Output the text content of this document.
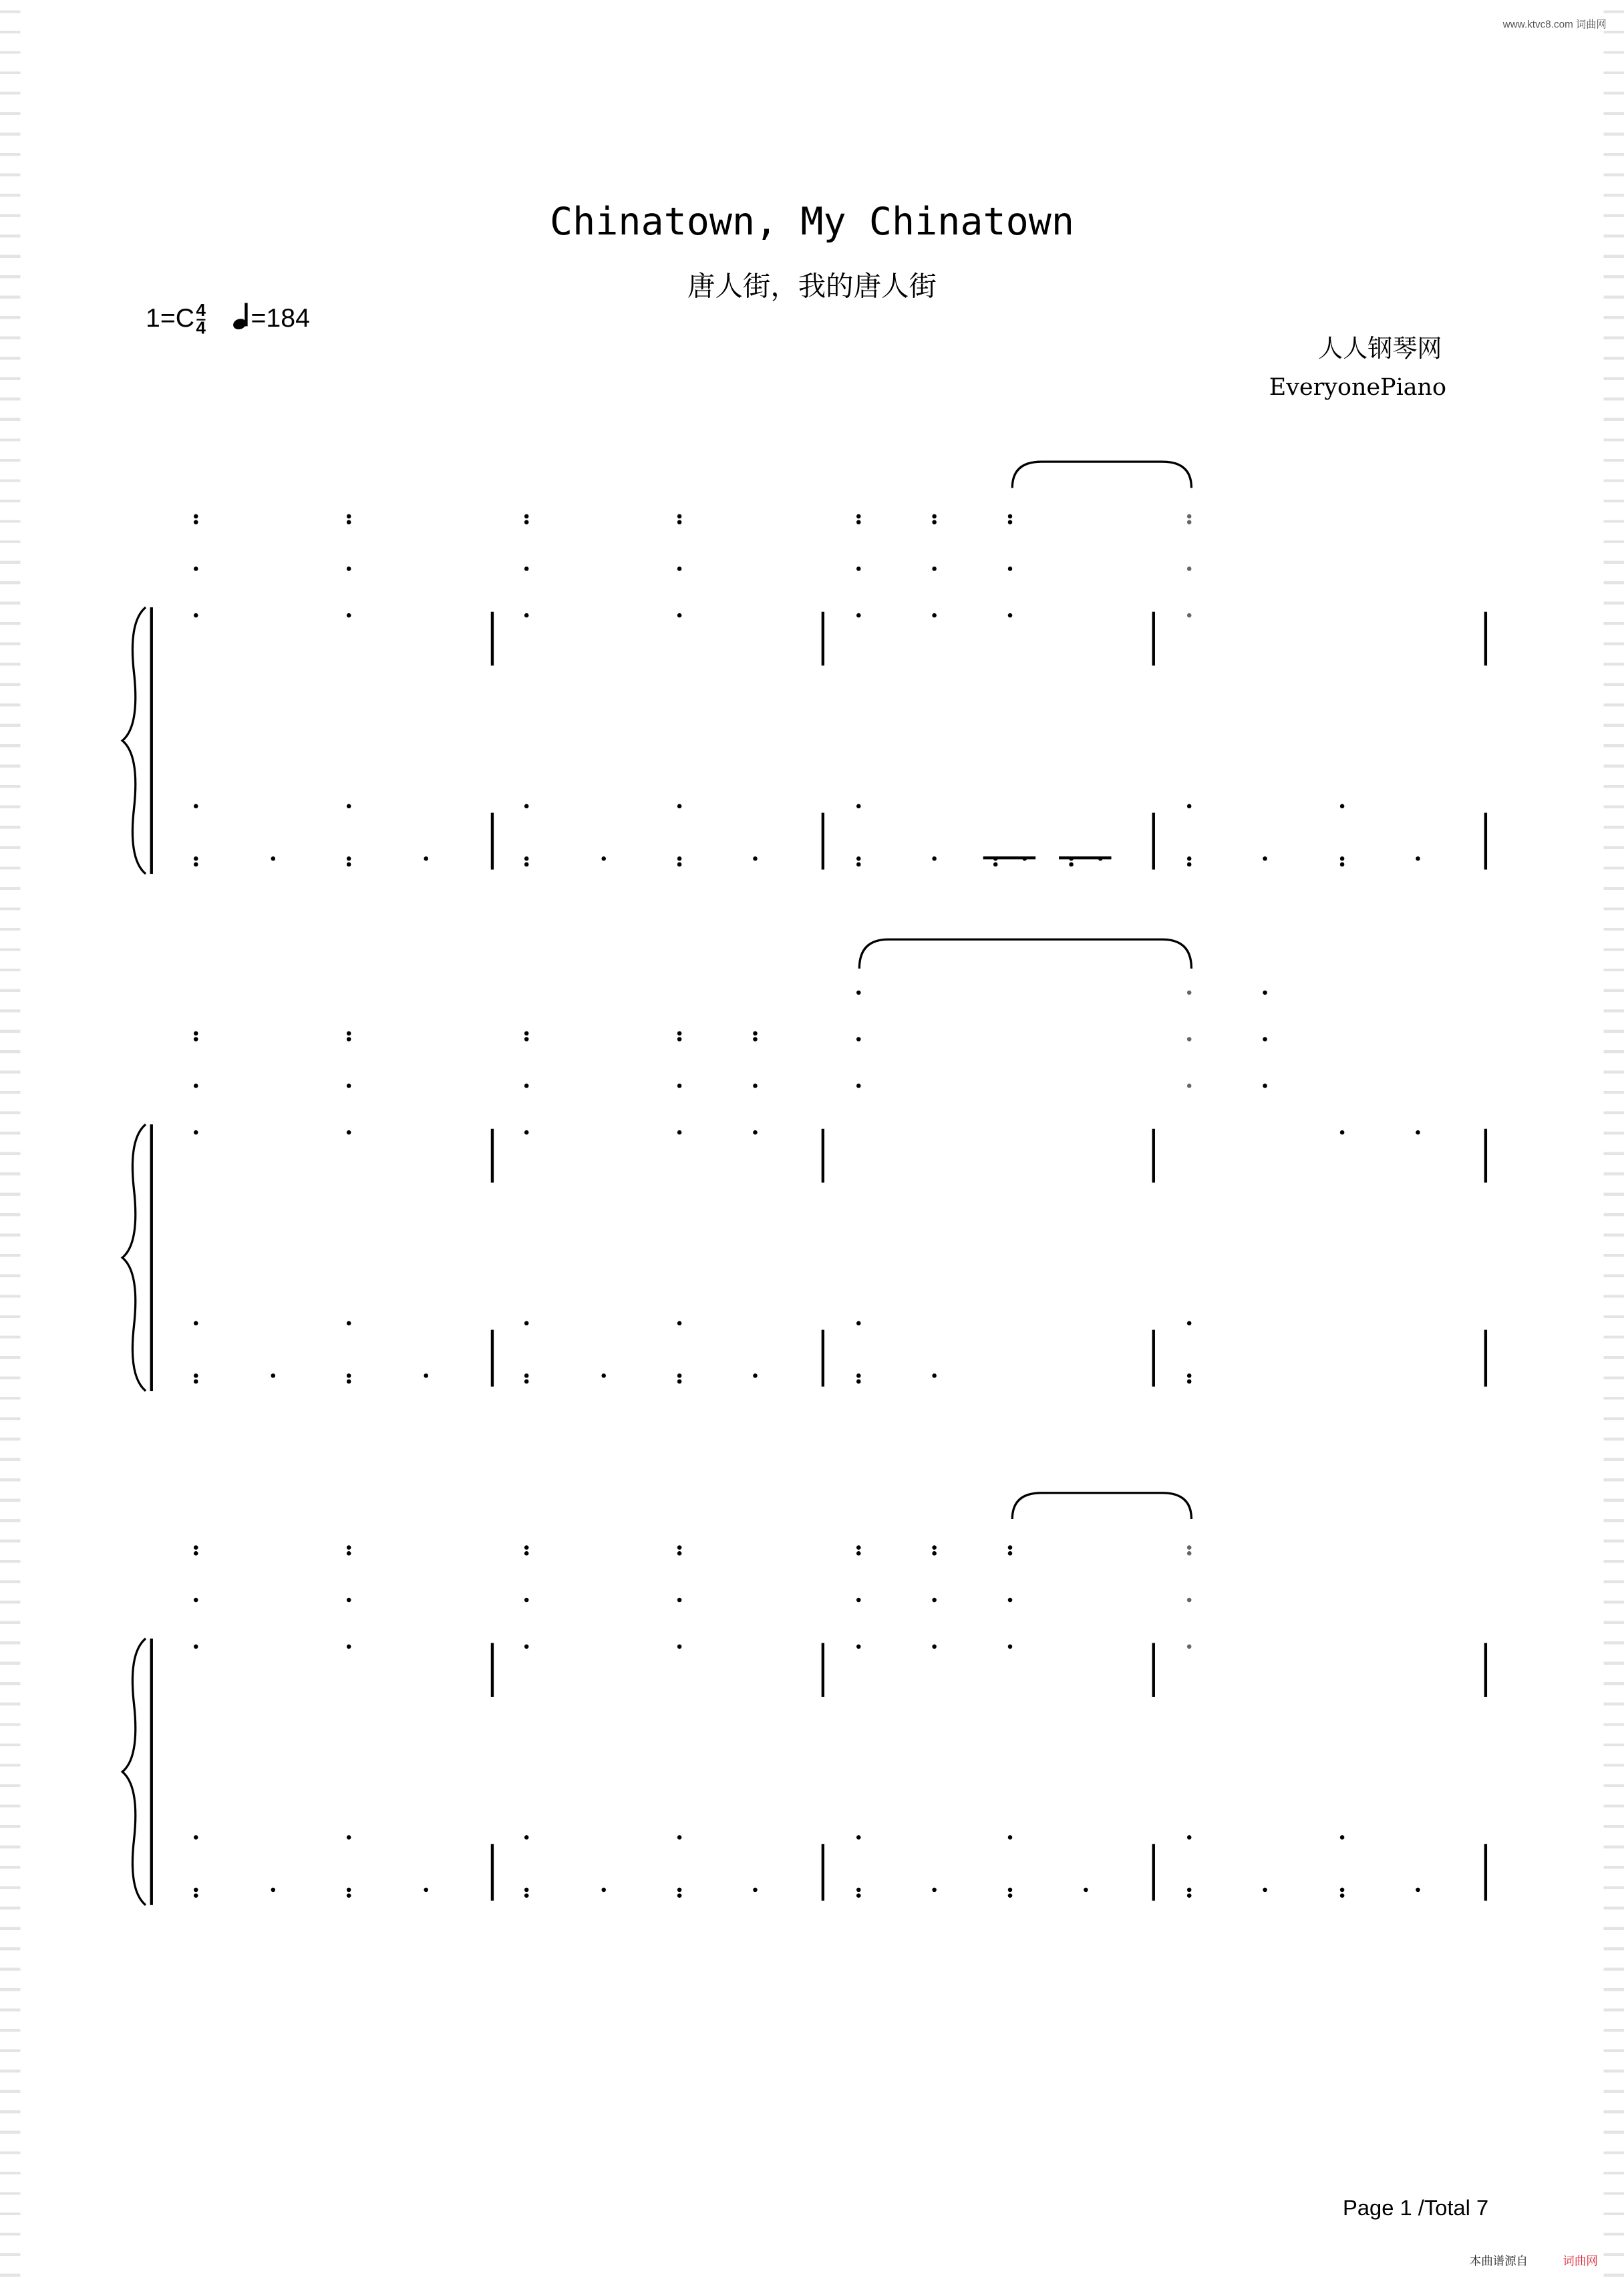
www.ktvc8.com 词曲网
Chinatown, My Chinatown
唐人街，我的唐人街
$1=C \frac{4}{4}$
	=184
人人钢琴网
EveryonePiano
Page 1 /Total 7
本曲谱源自	词曲网
